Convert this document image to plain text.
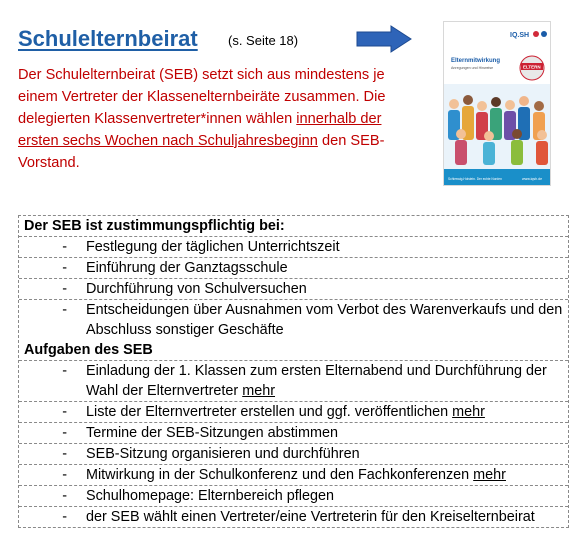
Schulelternbeirat (s. Seite 18)
Der Schulelternbeirat (SEB) setzt sich aus mindestens je einem Vertreter der Klassenelternbeiräte zusammen. Die delegierten Klassenvertreter*innen wählen innerhalb der ersten sechs Wochen nach Schuljahresbeginn den SEB-Vorstand.
IQ.SH
Elternmitwirkung
Anregungen und Hinweise	ELTERN
Schleswig-Holstein. Der echte Norden	www.iqsh.de
Der SEB ist zustimmungspflichtig bei:
-	Festlegung der täglichen Unterrichtszeit
-	Einführung der Ganztagsschule
-	Durchführung von Schulversuchen
-	Entscheidungen über Ausnahmen vom Verbot des Warenverkaufs und den Abschluss sonstiger Geschäfte
Aufgaben des SEB
-	Einladung der 1. Klassen zum ersten Elternabend und Durchführung der Wahl der Elternvertreter mehr
-	Liste der Elternvertreter erstellen und ggf. veröffentlichen mehr
-	Termine der SEB-Sitzungen abstimmen
-	SEB-Sitzung organisieren und durchführen
-	Mitwirkung in der Schulkonferenz und den Fachkonferenzen mehr
-	Schulhomepage: Elternbereich pflegen
-	der SEB wählt einen Vertreter/eine Vertreterin für den Kreiselternbeirat
